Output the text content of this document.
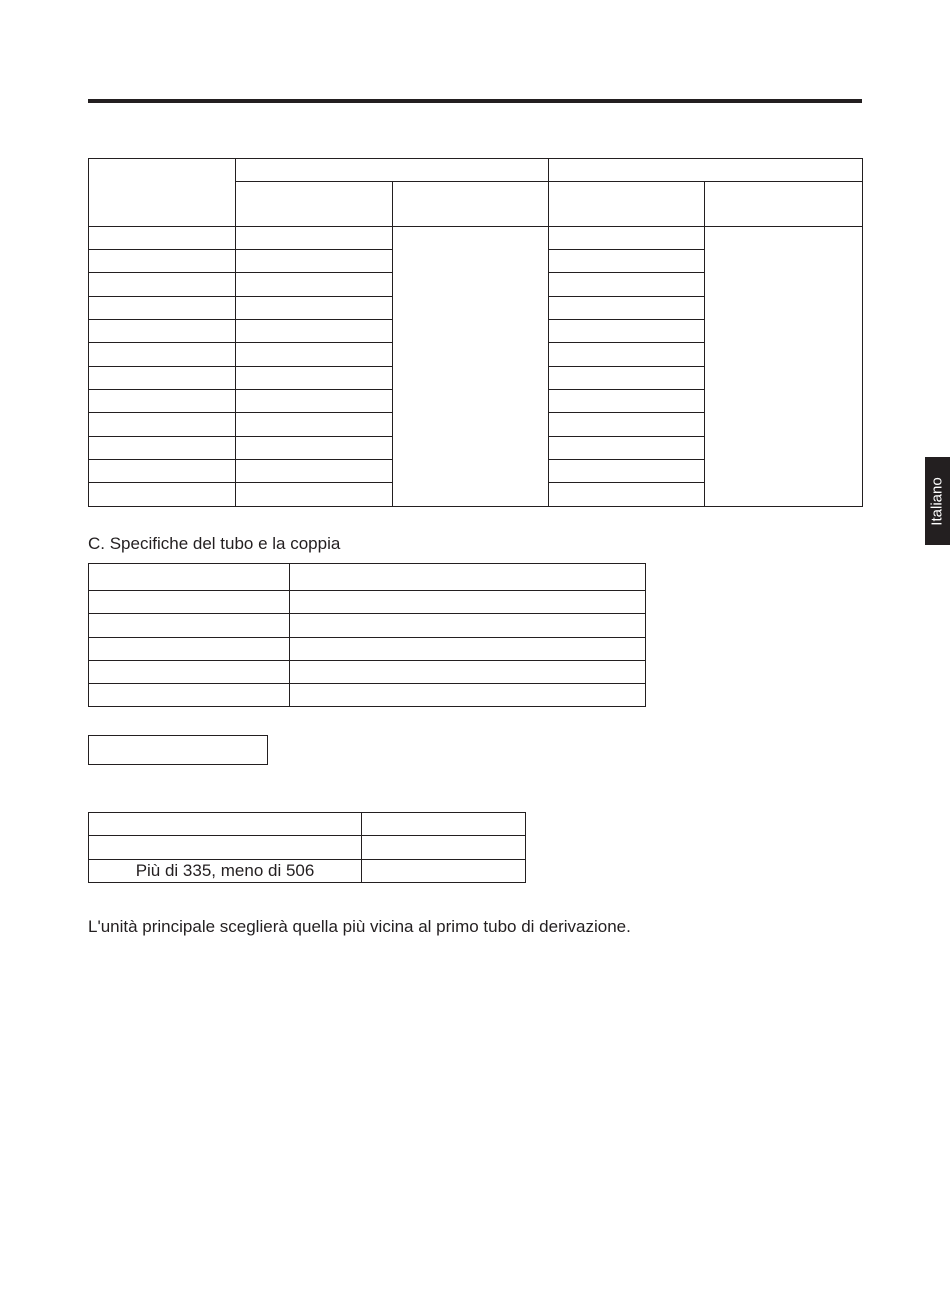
C. Specifiche del tubo e la coppia

Più di 335, meno di 506	
L'unità principale sceglierà quella più vicina al primo tubo di derivazione.
Italiano
